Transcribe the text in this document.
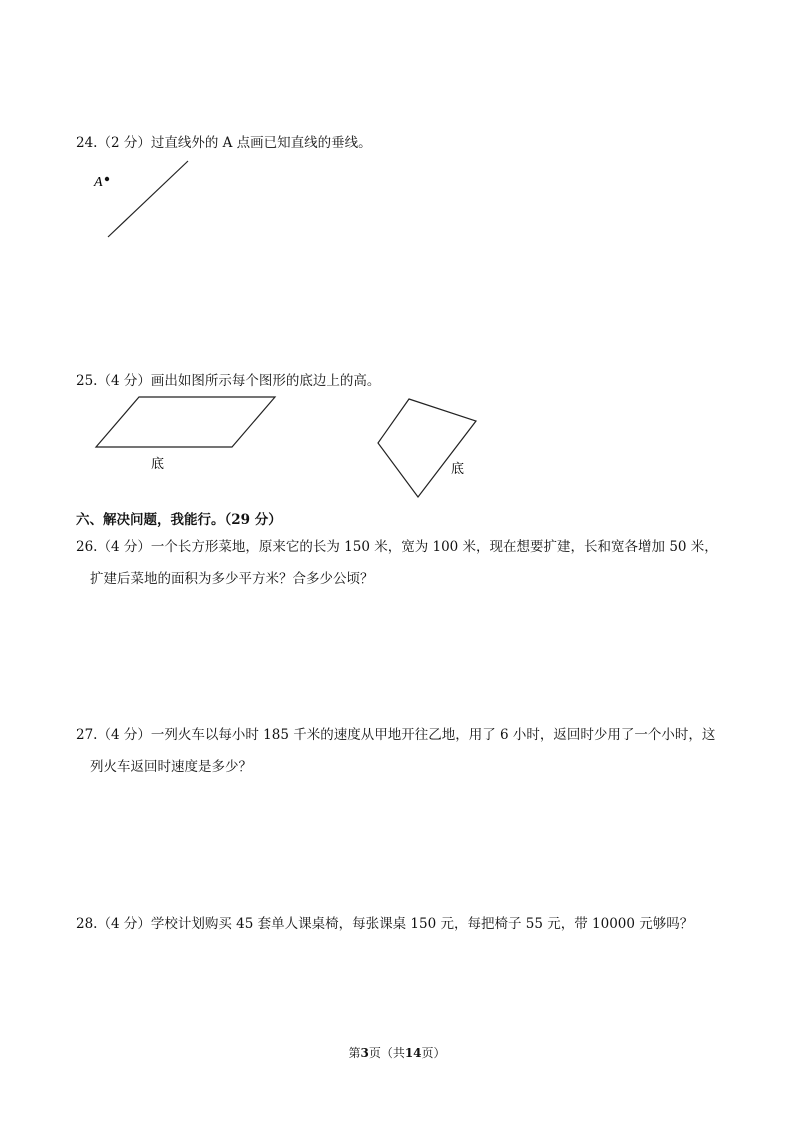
24.（2 分）过直线外的 A 点画已知直线的垂线。
A
底	底
25.（4 分）画出如图所示每个图形的底边上的高。
六、解决问题，我能行。（29 分）
26.（4 分）一个长方形菜地，原来它的长为 150 米，宽为 100 米，现在想要扩建，长和宽各增加 50 米，
扩建后菜地的面积为多少平方米？合多少公顷？
27.（4 分）一列火车以每小时 185 千米的速度从甲地开往乙地，用了 6 小时，返回时少用了一个小时，这
列火车返回时速度是多少？
28.（4 分）学校计划购买 45 套单人课桌椅，每张课桌 150 元，每把椅子 55 元，带 10000 元够吗？
第3页（共14页）
